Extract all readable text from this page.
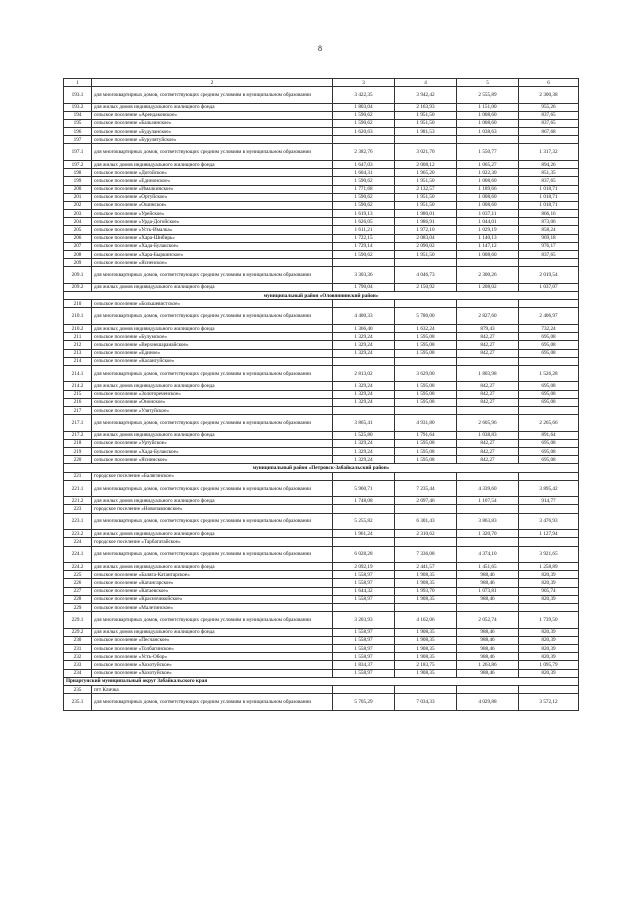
8
1	2	3	4	5	6
193.1	для многоквартирных домов, соответствующих средним условиям в муниципальном образовании	3 422,35	3 942,42	2 555,89	2 300,38
193.2	для жилых домов индивидуального жилищного фонда	1 803,04	2 163,93	1 151,00	955,26
194	сельское поселение «Арендаковское»	1 590,62	1 951,50	1 008,60	837,65
195	сельское поселение «Бальзинское»	1 590,62	1 951,50	1 008,60	837,65
196	сельское поселение «Будуланское»	1 620,63	1 981,53	1 038,63	867,68
197	сельское поселение «Бурулятуйское»				
197.1	для многоквартирных домов, соответствующих средним условиям в муниципальном образовании	2 382,76	3 021,70	1 550,77	1 317,32
197.2	для жилых домов индивидуального жилищного фонда	1 647,03	2 008,12	1 065,27	894,26
198	сельское поселение «Догойское»	1 604,31	1 965,20	1 022,30	851,35
199	сельское поселение «Единонское»	1 590,62	1 951,50	1 008,60	837,65
200	сельское поселение «Ималкинское»	1 771,68	2 132,57	1 189,66	1 018,71
201	сельское поселение «Ортуйское»	1 590,62	1 951,50	1 008,60	1 018,71
202	сельское поселение «Ошинское»	1 590,62	1 951,50	1 008,60	1 018,71
203	сельское поселение «Урейское»	1 619,13	1 980,01	1 037,11	866,16
204	сельское поселение «Урда-Догойское»	1 626,05	1 986,91	1 044,01	873,06
205	сельское поселение «Усть-Ималка»	1 611,21	1 972,10	1 029,19	858,24
206	сельское поселение «Хара-Шибирь»	1 722,15	2 083,04	1 140,13	969,18
207	сельское поселение «Хада-Булакское»	1 729,14	2 090,02	1 147,12	976,17
208	сельское поселение «Хара-Быркинское»	1 590,62	1 951,50	1 008,60	837,65
209	сельское поселение «Ясненское»				
209.1	для многоквартирных домов, соответствующих средним условиям в муниципальном образовании	3 303,36	4 046,73	2 300,26	2 019,54
209.2	для жилых домов индивидуального жилищного фонда	1 790,04	2 150,92	1 208,02	1 037,07
муниципальный район «Оловяннинский район»					
210	сельское поселение «Большевистское»				
210.1	для многоквартирных домов, соответствующих средним условиям в муниципальном образовании	4 400,33	5 780,00	2 827,60	2 406,97
210.2	для жилых домов индивидуального жилищного фонда	1 366,40	1 632,24	879,43	732,24
211	сельское поселение «Булумское»	1 329,24	1 595,08	842,27	695,08
212	сельское поселение «Верхнешаранайское»	1 329,24	1 595,08	842,27	695,08
213	сельское поселение «Единое»	1 329,24	1 595,08	842,27	695,08
214	сельское поселение «Калангуйское»				
214.1	для многоквартирных домов, соответствующих средним условиям в муниципальном образовании	2 813,02	3 629,00	1 803,98	1 526,28
214.2	для жилых домов индивидуального жилищного фонда	1 329,24	1 595,08	842,27	695,08
215	сельское поселение «Золотореченское»	1 329,24	1 595,08	842,27	695,08
216	сельское поселение «Ононское»	1 329,24	1 595,08	842,27	695,08
217	сельское поселение «Улятуйское»				
217.1	для многоквартирных домов, соответствующих средним условиям в муниципальном образовании	3 865,41	4 931,80	2 605,96	2 265,66
217.2	для жилых домов индивидуального жилищного фонда	1 525,80	1 791,64	1 038,83	891,64
218	сельское поселение «Уртуйское»	1 329,24	1 595,08	842,27	695,08
219	сельское поселение «Хада-Булакское»	1 329,24	1 595,08	842,27	695,08
220	сельское поселение «Яснинское»	1 329,24	1 595,08	842,27	695,08
муниципальный район «Петровск-Забайкальский район»					
221	городское поселение «Балягинское»				
221.1	для многоквартирных домов, соответствующих средним условиям в муниципальном образовании	5 960,71	7 235,44	4 339,60	3 895,42
221.2	для жилых домов индивидуального жилищного фонда	1 748,08	2 097,46	1 107,54	914,77
223	городское поселение «Новопавловское»				
223.1	для многоквартирных домов, соответствующих средним условиям в муниципальном образовании	5 255,82	6 301,43	3 863,83	3 476,93
223.2	для жилых домов индивидуального жилищного фонда	1 961,24	2 310,62	1 320,70	1 127,94
224	городское поселение «Тарбагатайское»				
224.1	для многоквартирных домов, соответствующих средним условиям в муниципальном образовании	6 028,28	7 336,08	4 374,10	3 921,65
224.2	для жилых домов индивидуального жилищного фонда	2 092,19	2 441,57	1 451,65	1 258,89
225	сельское поселение «Баляга-Катангарское»	1 558,97	1 908,35	988,46	820,39
226	сельское поселение «Катангарское»	1 558,97	1 908,35	988,46	820,39
227	сельское поселение «Катаевское»	1 644,32	1 993,70	1 073,81	905,74
228	сельское поселение «Красночикойское»	1 558,97	1 908,35	988,46	820,39
229	сельское поселение «Малетинское»				
229.1	для многоквартирных домов, соответствующих средним условиям в муниципальном образовании	3 203,93	4 162,06	2 052,74	1 739,50
229.2	для жилых домов индивидуального жилищного фонда	1 558,97	1 908,35	988,46	820,39
230	сельское поселение «Песчанское»	1 558,97	1 908,35	988,46	820,39
231	сельское поселение «Толбагинское»	1 558,97	1 908,35	988,46	820,39
232	сельское поселение «Усть-Обор»	1 558,97	1 908,35	988,46	820,39
233	сельское поселение «Хохотуйское»	1 834,37	2 183,75	1 263,86	1 095,79
234	сельское поселение «Хохотуйское»	1 558,97	1 908,35	988,46	820,39
Приаргунский муниципальный округ Забайкальского края					
235	пгт Кличка				
235.1	для многоквартирных домов, соответствующих средним условиям в муниципальном образовании	5 705,29	7 034,33	4 029,88	3 572,12
